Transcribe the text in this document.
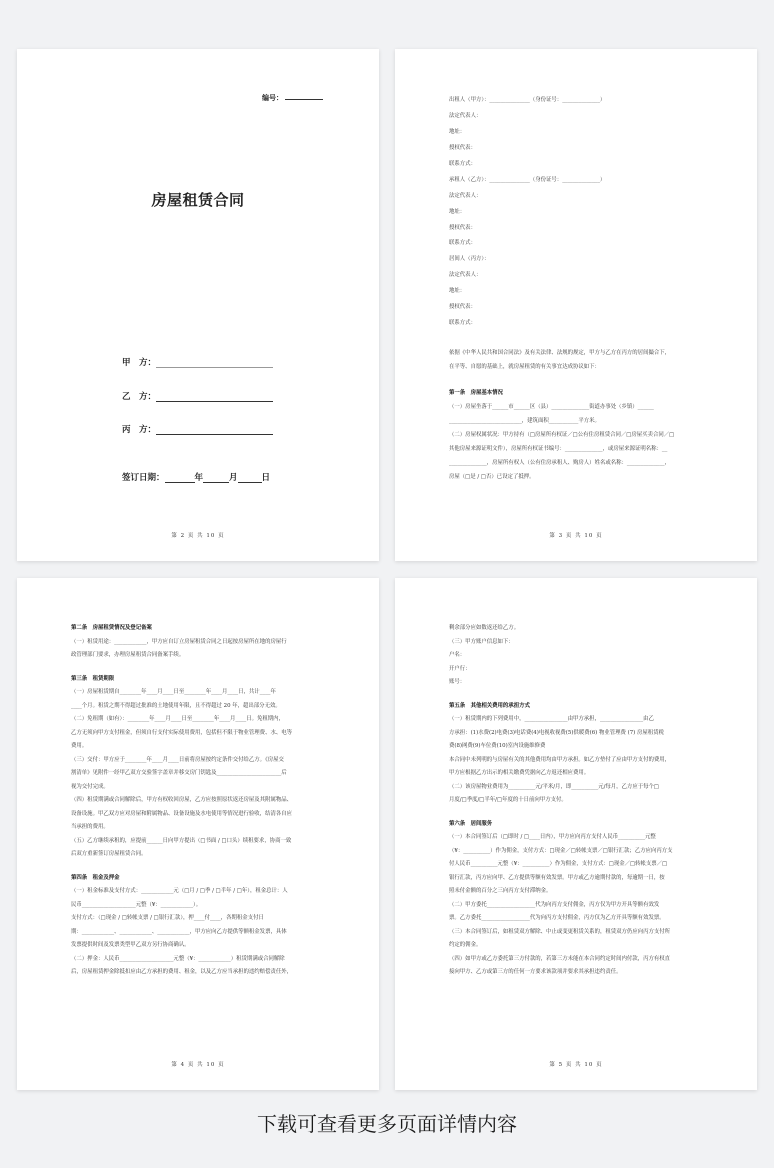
编号：
房屋租赁合同
甲　方：
乙　方：
丙　方：
签订日期：	年	月	日
第 2 页 共 10 页

出租人（甲方）：_______________（身份证号：______________）

法定代表人：

地址：

授权代表：

联系方式：

承租人（乙方）：_______________（身份证号：______________）

法定代表人：

地址：

授权代表：

联系方式：

居间人（丙方）：

法定代表人：

地址：

授权代表：

联系方式：

依据《中华人民共和国合同法》及有关法律、法规的规定，甲方与乙方在丙方的居间撮合下，

在平等、自愿的基础上，就房屋租赁的有关事宜达成协议如下：

第一条　房屋基本情况

（一）房屋坐落于______市______区（县）______________街道办事处（乡镇）______

___________________________，建筑面积___________平方米。

（二）房屋权属状况：甲方持有（□房屋所有权证／□公有住房租赁合同／□房屋买卖合同／□

其他房屋来源证明文件），房屋所有权证书编号：______________，或房屋来源证明名称：__

______________，房屋所有权人（公有住房承租人、购房人）姓名或名称：______________，

房屋（□是 / □否）已设定了抵押。

第 3 页 共 10 页

第二条　房屋租赁情况及登记备案

（一）租赁用途：____________，甲方应自订立房屋租赁合同之日起按房屋所在地的房屋行

政管理部门要求，办理房屋租赁合同备案手续。

第三条　租赁期限

（一）房屋租赁期自________年____月____日至________年____月____日，共计____年

____个月。租赁之期不得超过批准的土地使用年限，且不得超过 20 年，超出部分无效。

（二）免租期（如有）：________年____月____日至________年____月____日。免租期内，

乙方无须向甲方支付租金，但须自行支付实际使用费用，包括但不限于物业管理费、水、电等

费用。

（三）交付：甲方应于________年____月____日前将房屋按约定条件交付给乙方。《房屋交

割清单》见附件一经甲乙双方交验签字盖章并移交房门钥匙及________________________后

视为交付完成。

（四）租赁期满或合同解除后，甲方有权收回房屋，乙方应按照原状返还房屋及其附属物品、

设备设施。甲乙双方应对房屋和附属物品、设备设施及水电使用等情况进行验收，结清各自应

当承担的费用。

（五）乙方继续承租的，应提前______日向甲方提出（□书面 / □口头）续租要求，协商一致

后双方重新签订房屋租赁合同。

第四条　租金及押金

（一）租金标准及支付方式：____________元（□月 / □季 / □半年 / □年），租金总计：人

民币____________________元整（¥：____________）。

支付方式：（□现金 / □转帐支票 / □银行汇款），押____付____，各期租金支付日

期：____________、____________、____________，甲方应向乙方提供等额租金发票，具体

发票提供时间及发票类型甲乙双方另行协商确认。

（二）押金：人民币____________________元整（¥：____________）租赁期满或合同解除

后，房屋租赁押金除抵扣应由乙方承担的费用、租金，以及乙方应当承担的违约赔偿责任外，

第 4 页 共 10 页

剩余部分应如数返还给乙方。

（三）甲方账户信息如下：

户名：

开户行：

账号：

第五条　其他相关费用的承担方式

（一）租赁期内的下列费用中，________________由甲方承担，________________由乙

方承担：(1)水费(2)电费(3)电话费(4)电视收视费(5)供暖费(6) 物业管理费 (7) 房屋租赁税

费(8)网费(9)车位费(10)室内设施维修费

本合同中未列明的与房屋有关的其他费用均由甲方承担。如乙方垫付了应由甲方支付的费用，

甲方应根据乙方出示的相关缴费凭据向乙方返还相应费用。

（二）该房屋物业费用为__________元/平米/月，即__________元/每月，乙方应于每个□

月度/□季度/□半年/□年度的十日前向甲方支付。

第六条　居间服务

（一）本合同签订后（□即时 / □____日内），甲方应向丙方支付人民币__________元整

（¥：__________）作为佣金，支付方式：□现金／□转帐支票／□银行汇款；乙方应向丙方支

付人民币__________元整（¥：__________）作为佣金，支付方式：□现金／□转帐支票／□

银行汇款，丙方应向甲、乙方提供等额有效发票。甲方或乙方逾期付款的，每逾期一日，按

照未付金额的百分之三向丙方支付滞纳金。

（二）甲方委托__________________代为向丙方支付佣金，丙方仅为甲方开具等额有效发

票。乙方委托__________________代为向丙方支付佣金，丙方仅为乙方开具等额有效发票。

（三）本合同签订后，如租赁双方解除、中止或变更租赁关系的，租赁双方仍应向丙方支付所

约定的佣金。

（四）如甲方或乙方委托第三方付款的，若第三方未能在本合同约定时间内付款，丙方有权直

接向甲方、乙方或第三方的任何一方要求该款项并要求其承担违约责任。

第 5 页 共 10 页
下载可查看更多页面详情内容
